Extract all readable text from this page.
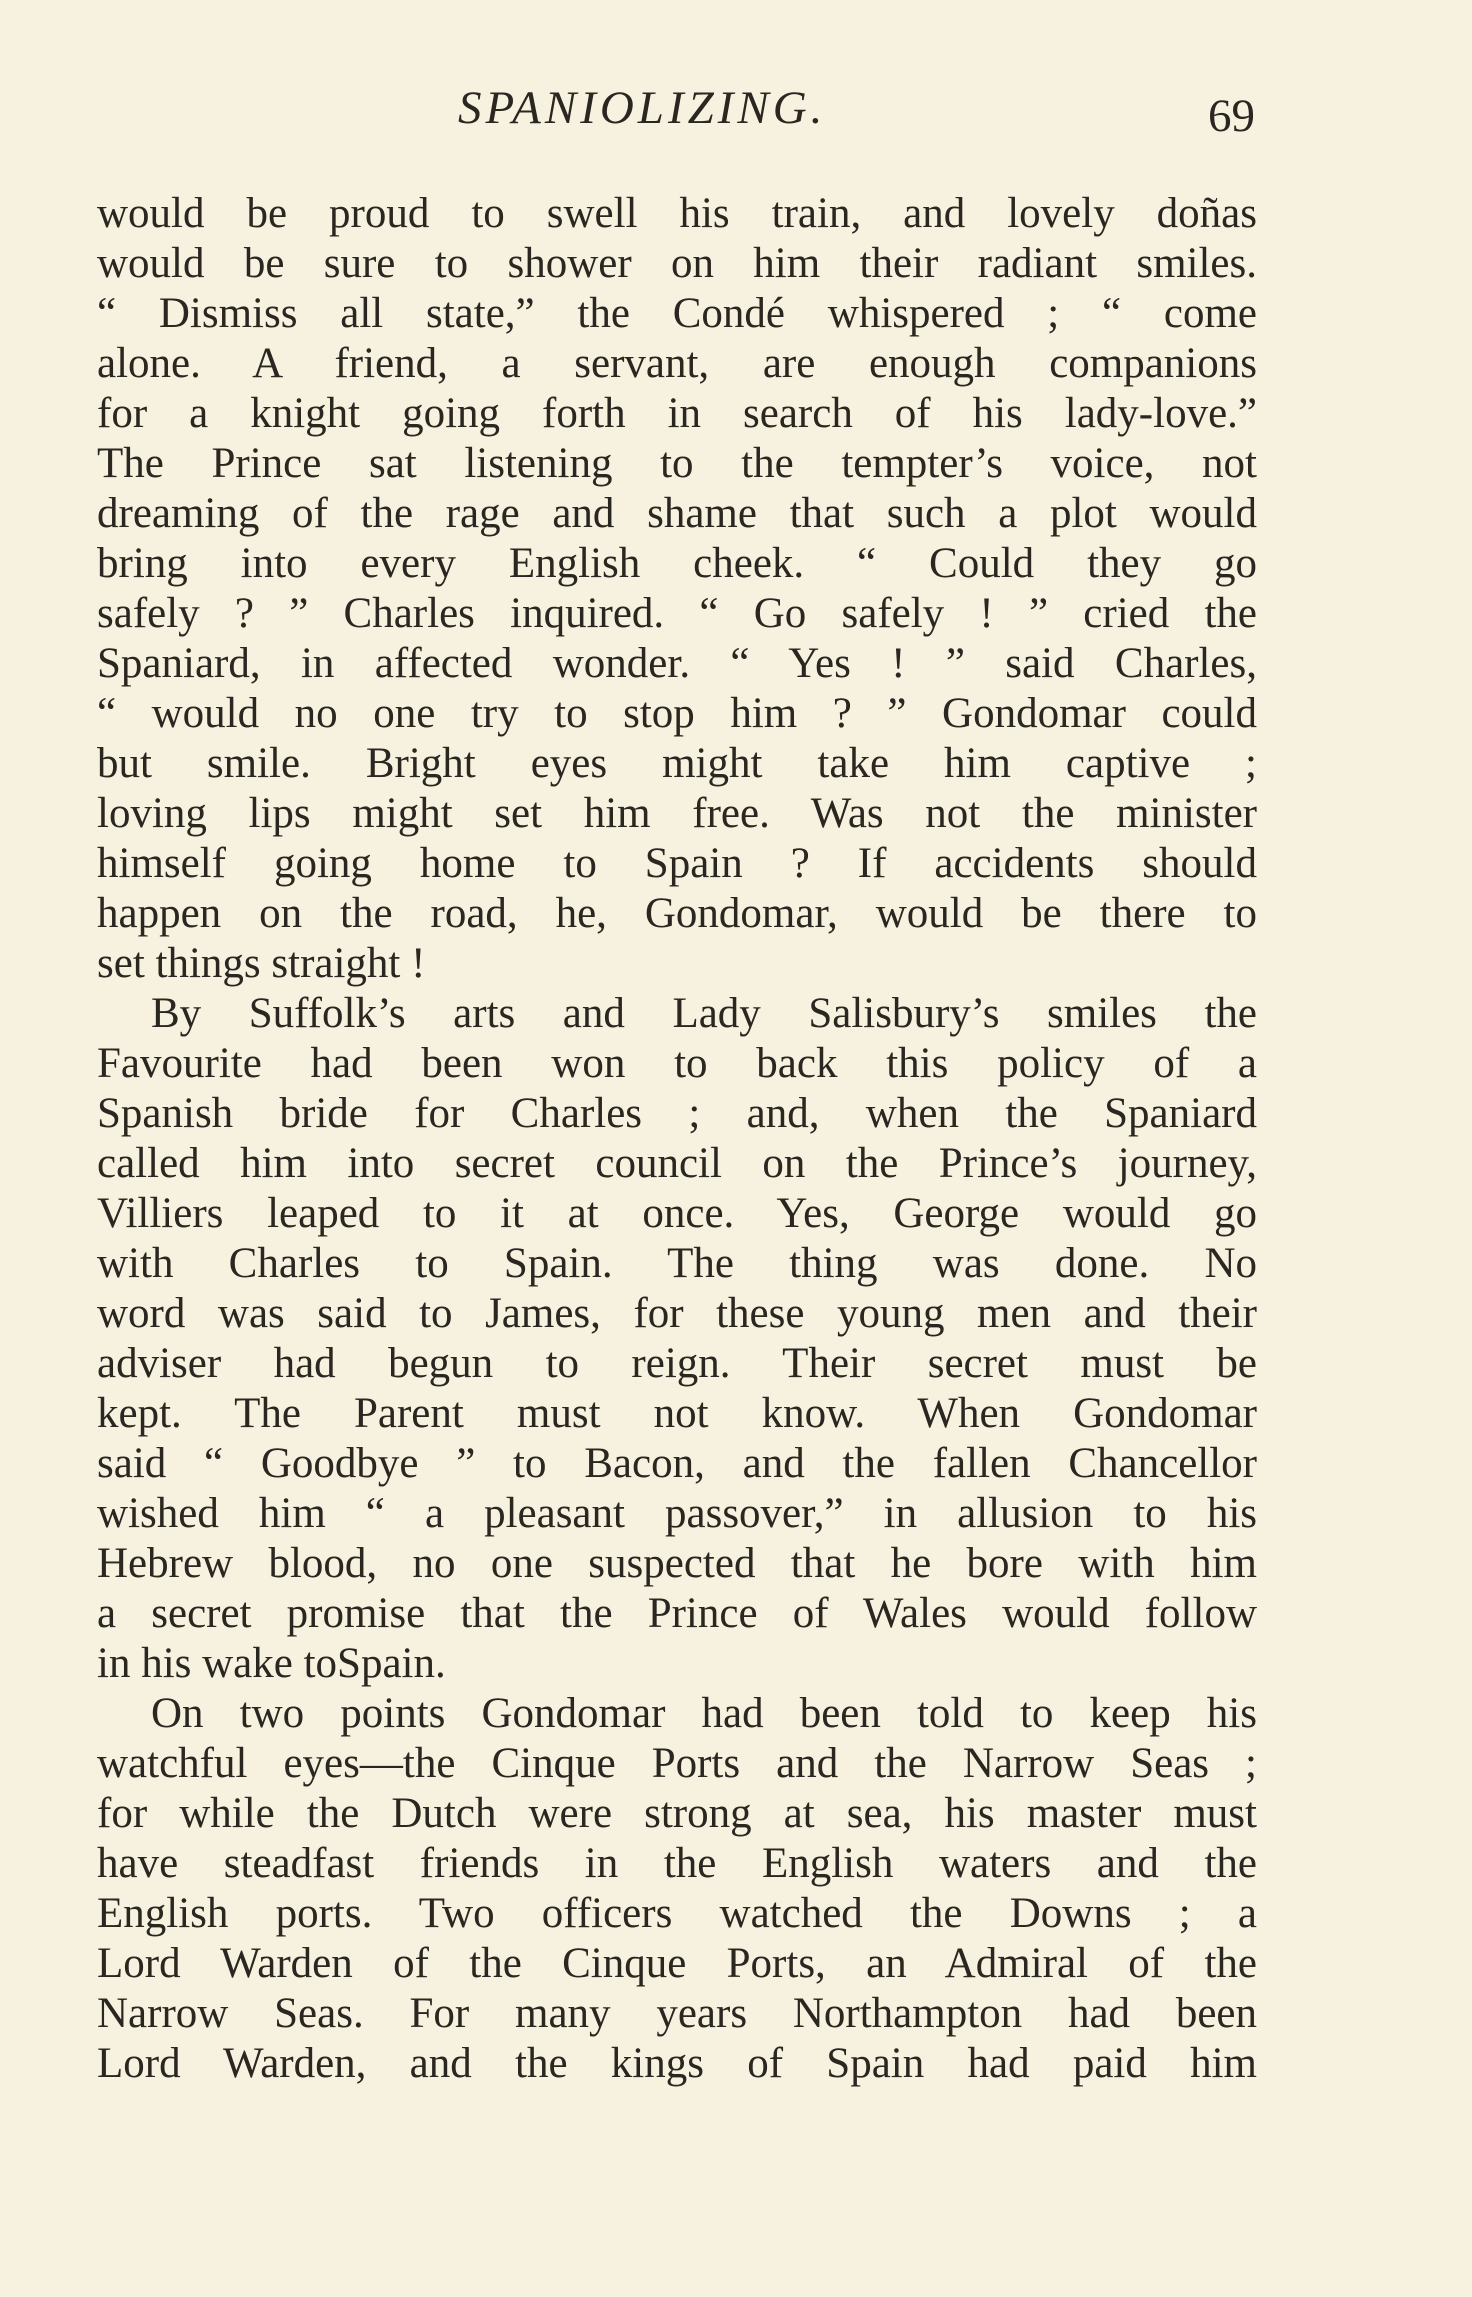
SPANIOLIZING.	69
would be proud to swell his train, and lovely doñas
would be sure to shower on him their radiant smiles.
“ Dismiss all state,” the Condé whispered ; “ come
alone. A friend, a servant, are enough companions
for a knight going forth in search of his lady-love.”
The Prince sat listening to the tempter’s voice, not
dreaming of the rage and shame that such a plot would
bring into every English cheek. “ Could they go
safely ? ” Charles inquired. “ Go safely ! ” cried the
Spaniard, in affected wonder. “ Yes ! ” said Charles,
“ would no one try to stop him ? ” Gondomar could
but smile. Bright eyes might take him captive ;
loving lips might set him free. Was not the minister
himself going home to Spain ? If accidents should
happen on the road, he, Gondomar, would be there to
set things straight !
By Suffolk’s arts and Lady Salisbury’s smiles the
Favourite had been won to back this policy of a
Spanish bride for Charles ; and, when the Spaniard
called him into secret council on the Prince’s journey,
Villiers leaped to it at once. Yes, George would go
with Charles to Spain. The thing was done. No
word was said to James, for these young men and their
adviser had begun to reign. Their secret must be
kept. The Parent must not know. When Gondomar
said “ Goodbye ” to Bacon, and the fallen Chancellor
wished him “ a pleasant passover,” in allusion to his
Hebrew blood, no one suspected that he bore with him
a secret promise that the Prince of Wales would follow
in his wake toSpain.
On two points Gondomar had been told to keep his
watchful eyes—the Cinque Ports and the Narrow Seas ;
for while the Dutch were strong at sea, his master must
have steadfast friends in the English waters and the
English ports. Two officers watched the Downs ; a
Lord Warden of the Cinque Ports, an Admiral of the
Narrow Seas. For many years Northampton had been
Lord Warden, and the kings of Spain had paid him
